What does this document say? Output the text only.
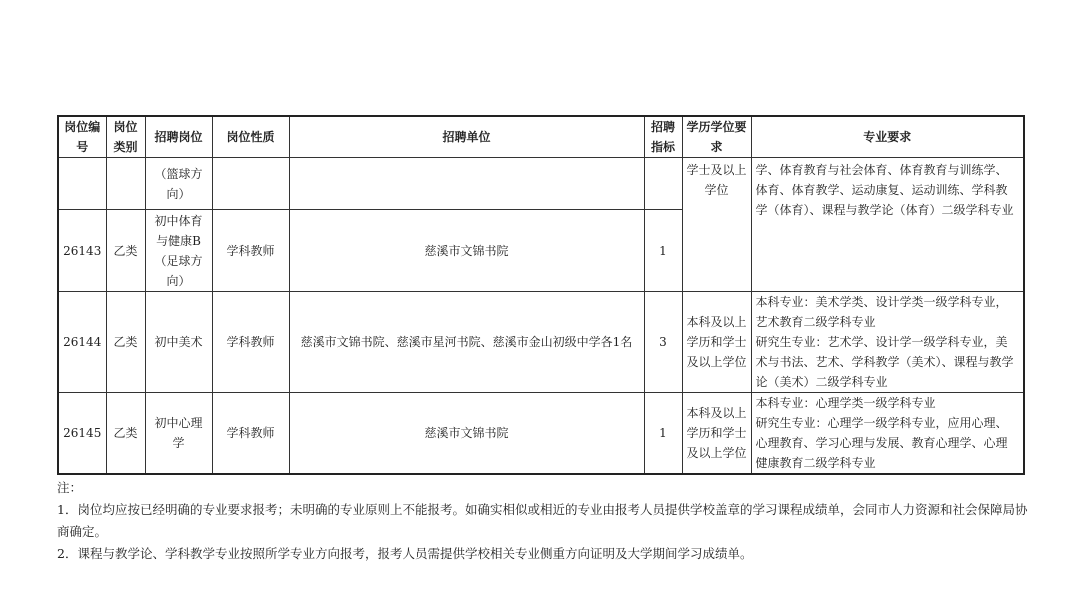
岗位编号	岗位类别	招聘岗位	岗位性质	招聘单位	招聘指标	学历学位要求	专业要求
		（篮球方向）				学士及以上学位	学、体育教育与社会体育、体育教育与训练学、体育、体育教学、运动康复、运动训练、学科教学（体育）、课程与教学论（体育）二级学科专业
26143	乙类	初中体育与健康B（足球方向）	学科教师	慈溪市文锦书院	1		
26144	乙类	初中美术	学科教师	慈溪市文锦书院、慈溪市星河书院、慈溪市金山初级中学各1名	3	本科及以上学历和学士及以上学位	本科专业：美术学类、设计学类一级学科专业，艺术教育二级学科专业
研究生专业：艺术学、设计学一级学科专业，美术与书法、艺术、学科教学（美术）、课程与教学论（美术）二级学科专业
26145	乙类	初中心理学	学科教师	慈溪市文锦书院	1	本科及以上学历和学士及以上学位	本科专业：心理学类一级学科专业
研究生专业：心理学一级学科专业，应用心理、心理教育、学习心理与发展、教育心理学、心理健康教育二级学科专业

注：

1．岗位均应按已经明确的专业要求报考；未明确的专业原则上不能报考。如确实相似或相近的专业由报考人员提供学校盖章的学习课程成绩单，会同市人力资源和社会保障局协商确定。

2．课程与教学论、学科教学专业按照所学专业方向报考，报考人员需提供学校相关专业侧重方向证明及大学期间学习成绩单。
